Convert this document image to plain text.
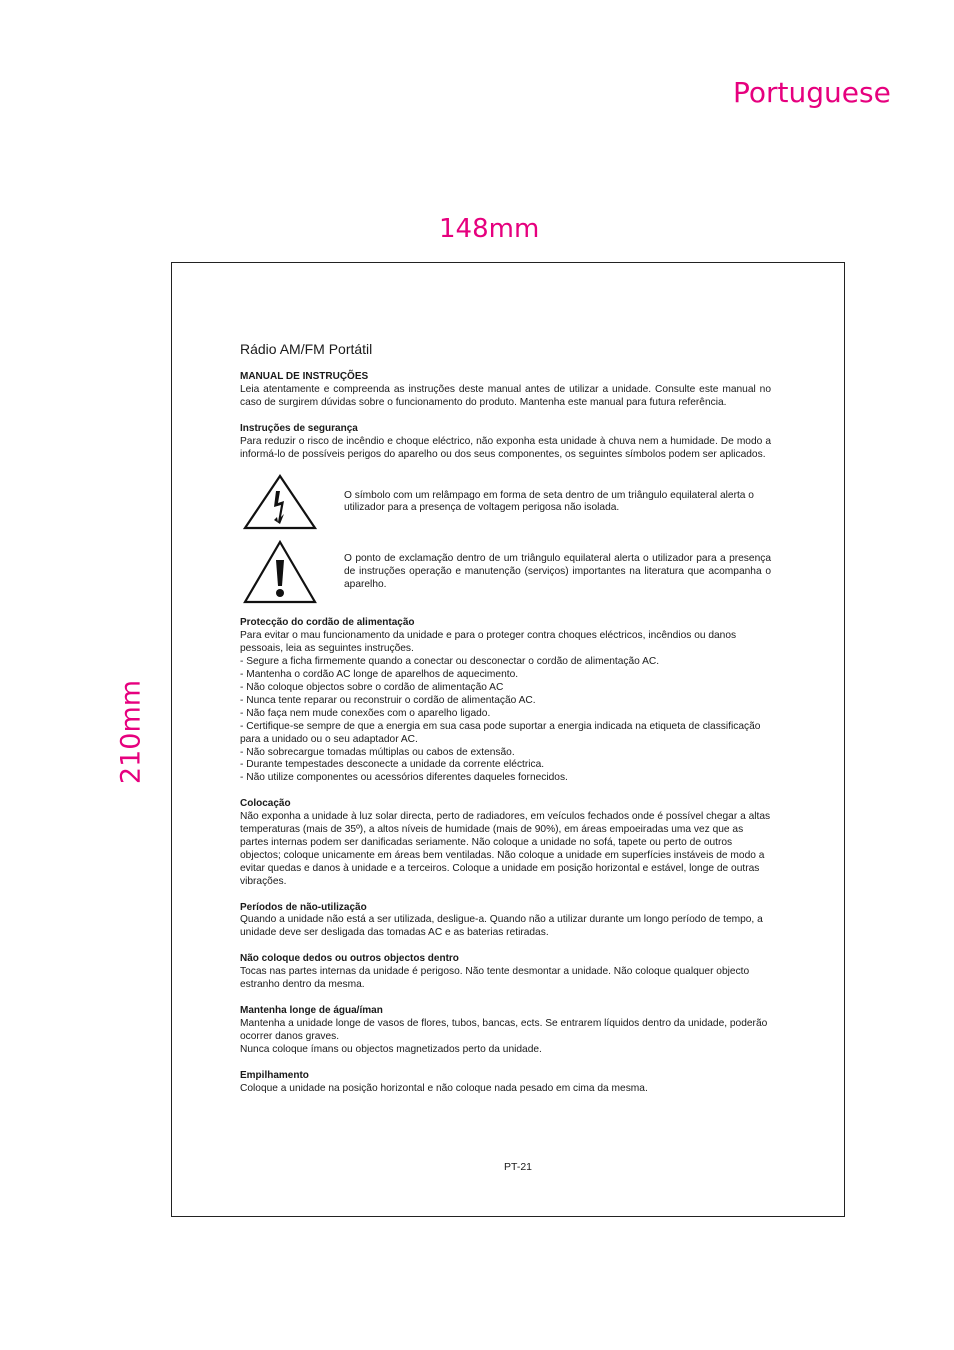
Portuguese
148mm
210mm
Rádio AM/FM Portátil
MANUAL DE INSTRUÇÕES
Leia atentamente e compreenda as instruções deste manual antes de utilizar a unidade. Consulte este manual no caso de surgirem dúvidas sobre o funcionamento do produto. Mantenha este manual para futura referência.
Instruções de segurança
Para reduzir o risco de incêndio e choque eléctrico, não exponha esta unidade à chuva nem a humidade. De modo a informá-lo de possíveis perigos do aparelho ou dos seus componentes, os seguintes símbolos podem ser aplicados.
O símbolo com um relâmpago em forma de seta dentro de um triângulo equilateral alerta o utilizador para a presença de voltagem perigosa não isolada.
O ponto de exclamação dentro de um triângulo equilateral alerta o utilizador para a presença de instruções operação e manutenção (serviços) importantes na literatura que acompanha o aparelho.
Protecção do cordão de alimentação
Para evitar o mau funcionamento da unidade e para o proteger contra choques eléctricos, incêndios ou danos pessoais, leia as seguintes instruções.
- Segure a ficha firmemente quando a conectar ou desconectar o cordão de alimentação AC.
- Mantenha o cordão AC longe de aparelhos de aquecimento.
- Não coloque objectos sobre o cordão de alimentação AC
- Nunca tente reparar ou reconstruir o cordão de alimentação AC.
- Não faça nem mude conexões com o aparelho ligado.
- Certifique-se sempre de que a energia em sua casa pode suportar a energia indicada na etiqueta de classificação para a unidado ou o seu adaptador AC.
- Não sobrecargue tomadas múltiplas ou cabos de extensão.
- Durante tempestades desconecte a unidade da corrente eléctrica.
- Não utilize componentes ou acessórios diferentes daqueles fornecidos.
Colocação
Não exponha a unidade à luz solar directa, perto de radiadores, em veículos fechados onde é possível chegar a altas temperaturas (mais de 35º), a altos níveis de humidade (mais de 90%), em áreas empoeiradas uma vez que as partes internas podem ser danificadas seriamente. Não coloque a unidade no sofá, tapete ou perto de outros objectos; coloque unicamente em áreas bem ventiladas. Não coloque a unidade em superfícies instáveis de modo a evitar quedas e danos à unidade e a terceiros. Coloque a unidade em posição horizontal e estável, longe de outras vibrações.
Períodos de não-utilização
Quando a unidade não está a ser utilizada, desligue-a. Quando não a utilizar durante um longo período de tempo, a unidade deve ser desligada das tomadas AC e as baterias retiradas.
Não coloque dedos ou outros objectos dentro
Tocas nas partes internas da unidade é perigoso. Não tente desmontar a unidade. Não coloque qualquer objecto estranho dentro da mesma.
Mantenha longe de água/íman
Mantenha a unidade longe de vasos de flores, tubos, bancas, ects. Se entrarem líquidos dentro da unidade, poderão ocorrer danos graves.
Nunca coloque ímans ou objectos magnetizados perto da unidade.
Empilhamento
Coloque a unidade na posição horizontal e não coloque nada pesado em cima da mesma.
PT-21
